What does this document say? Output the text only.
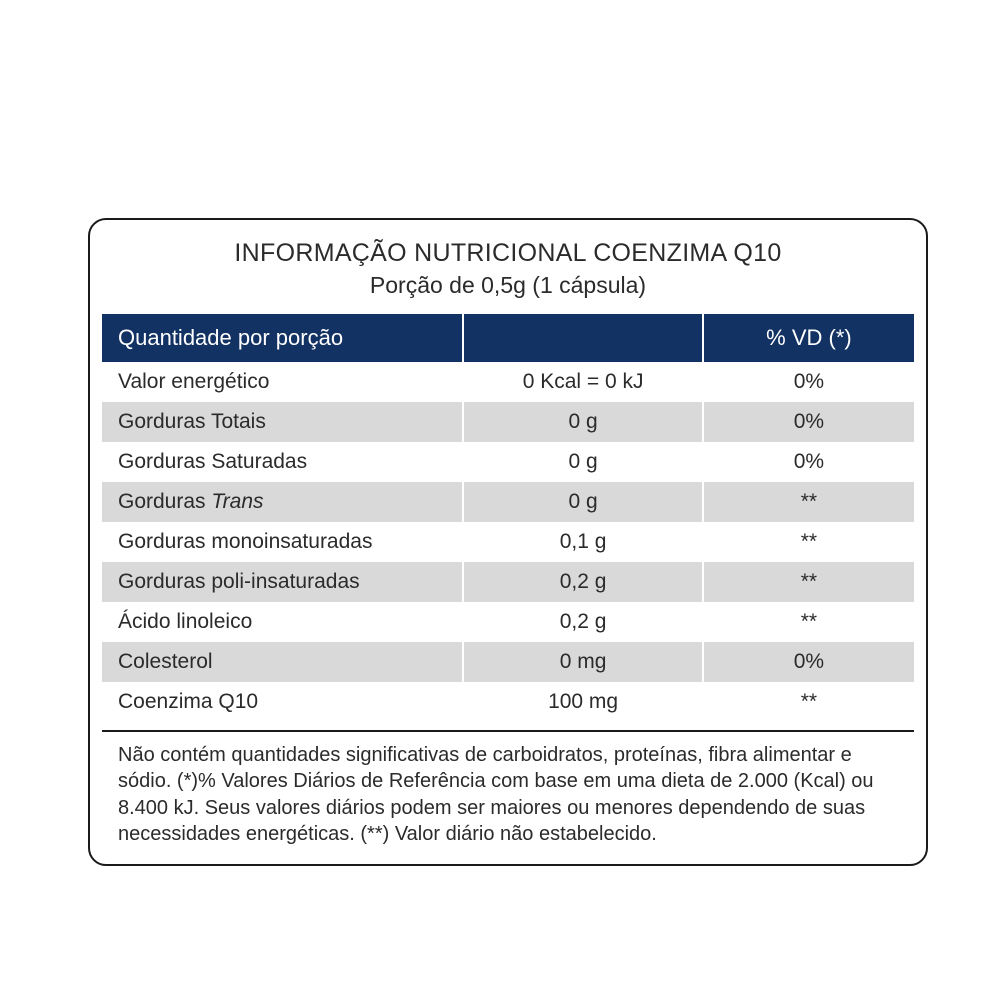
INFORMAÇÃO NUTRICIONAL COENZIMA Q10
Porção de 0,5g (1 cápsula)
Quantidade por porção		% VD (*)
Valor energético	0 Kcal = 0 kJ	0%
Gorduras Totais	0 g	0%
Gorduras Saturadas	0 g	0%
Gorduras Trans	0 g	**
Gorduras monoinsaturadas	0,1 g	**
Gorduras poli-insaturadas	0,2 g	**
Ácido linoleico	0,2 g	**
Colesterol	0 mg	0%
Coenzima Q10	100 mg	**
Não contém quantidades significativas de carboidratos, proteínas, fibra alimentar e sódio. (*)% Valores Diários de Referência com base em uma dieta de 2.000 (Kcal) ou 8.400 kJ. Seus valores diários podem ser maiores ou menores dependendo de suas necessidades energéticas. (**) Valor diário não estabelecido.
